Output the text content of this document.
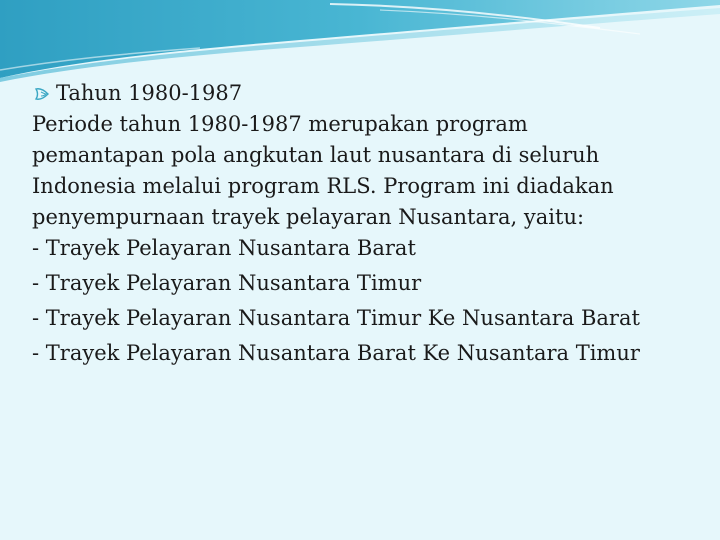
Tahun 1980-1987

Periode tahun 1980-1987 merupakan program
pemantapan pola angkutan laut nusantara di seluruh
Indonesia melalui program RLS. Program ini diadakan
penyempurnaan trayek pelayaran Nusantara, yaitu:

- Trayek Pelayaran Nusantara Barat
- Trayek Pelayaran Nusantara Timur
- Trayek Pelayaran Nusantara Timur Ke Nusantara Barat
- Trayek Pelayaran Nusantara Barat Ke Nusantara Timur
